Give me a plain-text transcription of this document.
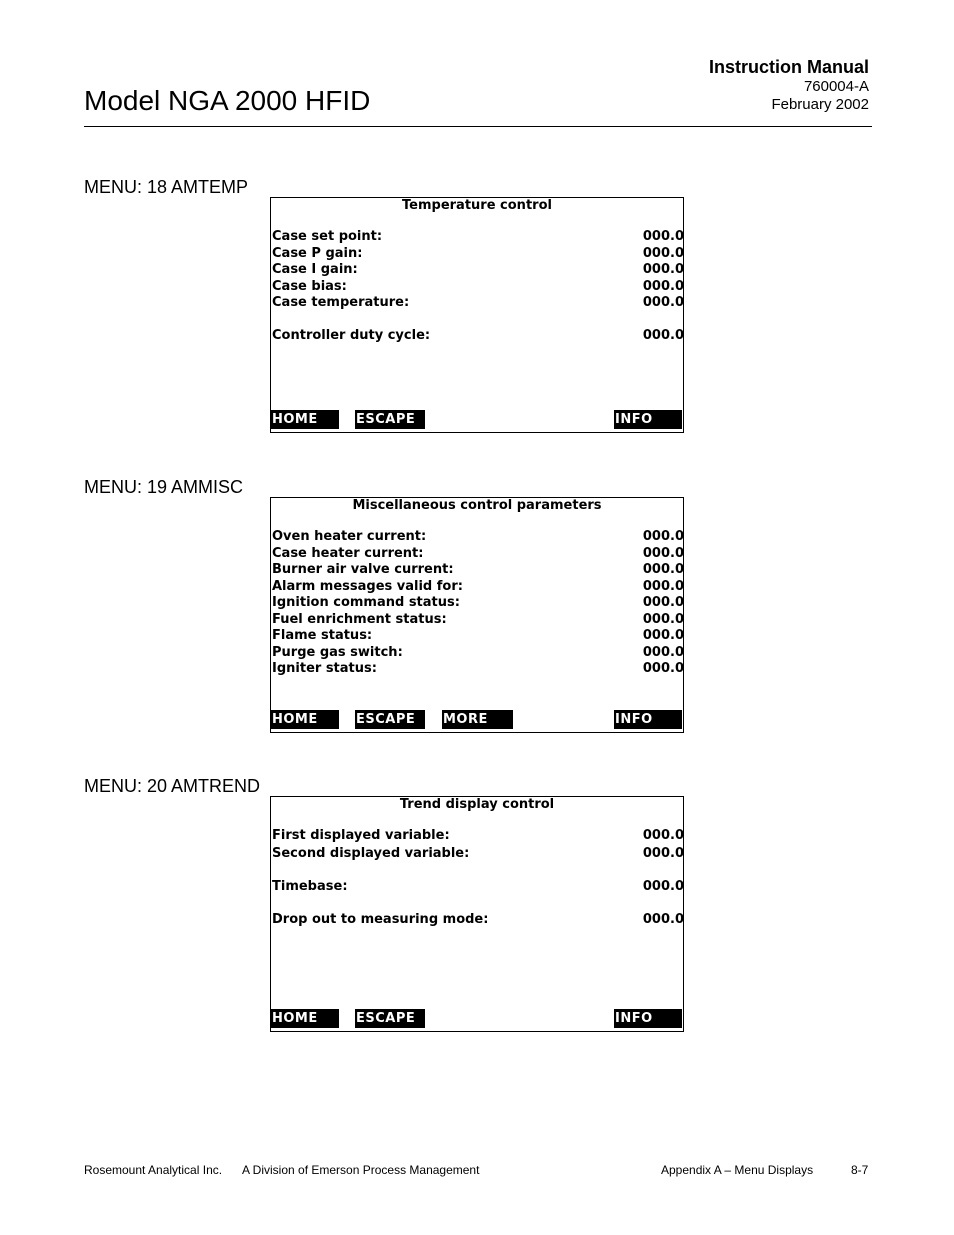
Model NGA 2000 HFID
Instruction Manual
760004-A
February 2002
MENU: 18 AMTEMP
Temperature control
Case set point:	000.0
Case P gain:	000.0
Case I gain:	000.0
Case bias:	000.0
Case temperature:	000.0
Controller duty cycle:	000.0
HOME	ESCAPE	INFO
MENU: 19 AMMISC
Miscellaneous control parameters
Oven heater current:	000.0
Case heater current:	000.0
Burner air valve current:	000.0
Alarm messages valid for:	000.0
Ignition command status:	000.0
Fuel enrichment status:	000.0
Flame status:	000.0
Purge gas switch:	000.0
Igniter status:	000.0
HOME	ESCAPE	MORE	INFO
MENU: 20 AMTREND
Trend display control
First displayed variable:	000.0
Second displayed variable:	000.0
Timebase:	000.0
Drop out to measuring mode:	000.0
HOME	ESCAPE	INFO
Rosemount Analytical Inc. A Division of Emerson Process Management	Appendix A – Menu Displays	8-7
